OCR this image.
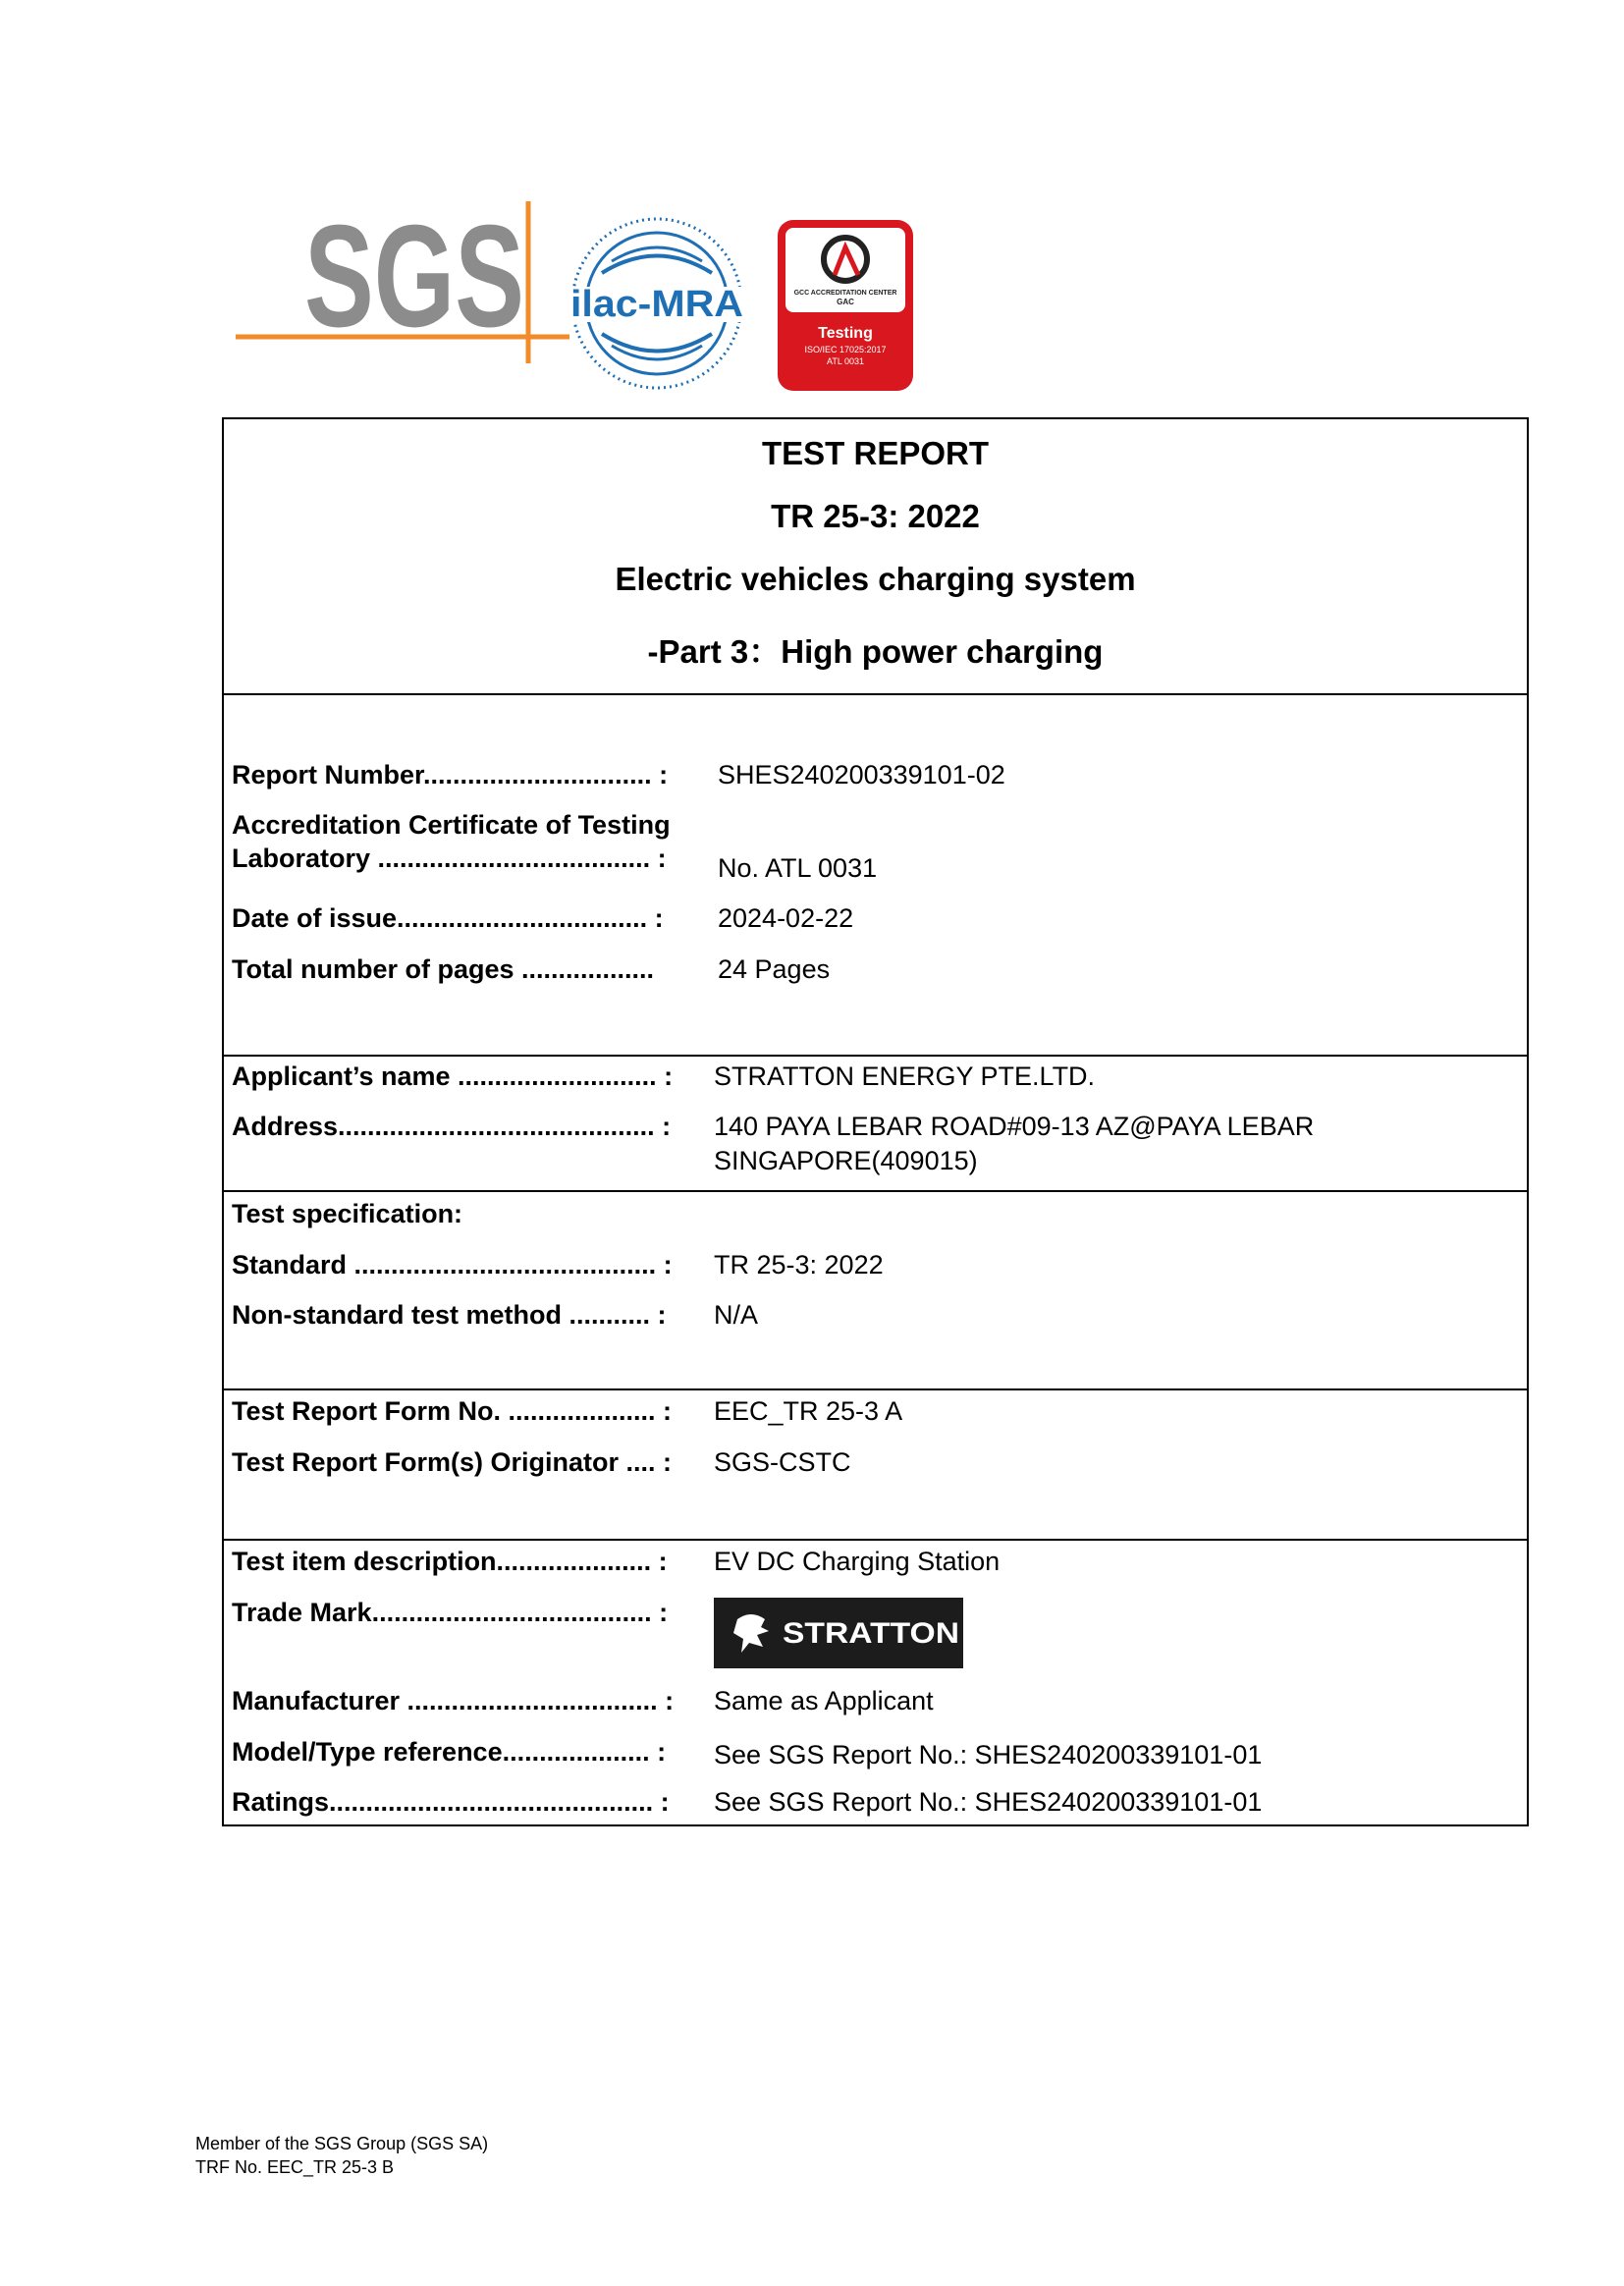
SGS ilac-MRA	GCC ACCREDITATION CENTER
GAC
Testing
ISO/IEC 17025:2017
ATL 0031
TEST REPORT
TR 25-3: 2022
Electric vehicles charging system
-Part 3：High power charging
Report Number............................... : SHES240200339101-02
Accreditation Certificate of Testing
Laboratory ..................................... : No. ATL 0031
Date of issue.................................. : 2024-02-22
Total number of pages .................. 24 Pages
Applicant’s name ........................... : STRATTON ENERGY PTE.LTD.
Address........................................... : 140 PAYA LEBAR ROAD#09-13 AZ@PAYA LEBAR
SINGAPORE(409015)
Test specification:
Standard ......................................... : TR 25-3: 2022
Non-standard test method ........... : N/A
Test Report Form No. .................... : EEC_TR 25-3 A
Test Report Form(s) Originator .... : SGS-CSTC
Test item description..................... : EV DC Charging Station
Trade Mark...................................... :
STRATTON
Manufacturer .................................. : Same as Applicant
Model/Type reference.................... : See SGS Report No.: SHES240200339101-01
Ratings............................................ : See SGS Report No.: SHES240200339101-01
Member of the SGS Group (SGS SA)
TRF No. EEC_TR 25-3 B
